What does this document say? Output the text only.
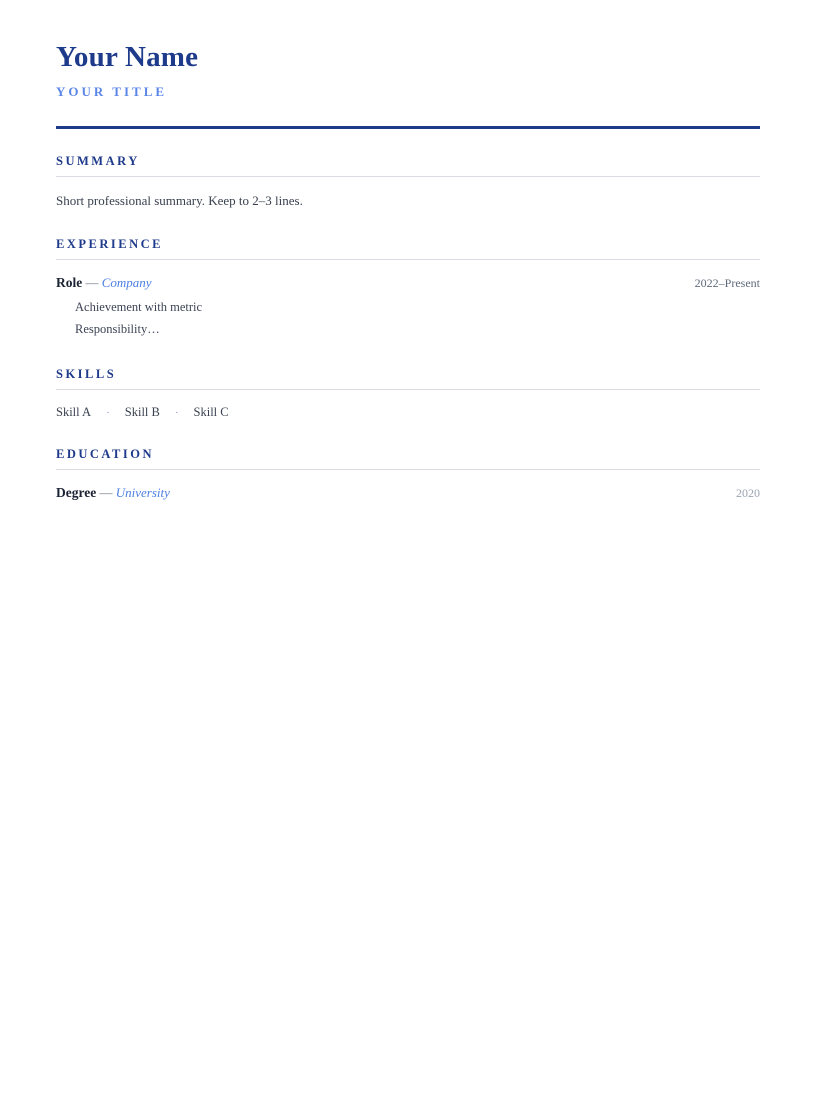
Your Name

YOUR TITLE

SUMMARY

Short professional summary. Keep to 2–3 lines.

EXPERIENCE
Role — Company	2022–Present
Achievement with metric
Responsibility…
SKILLS
Skill A · Skill B · Skill C
EDUCATION
Degree — University	2020
